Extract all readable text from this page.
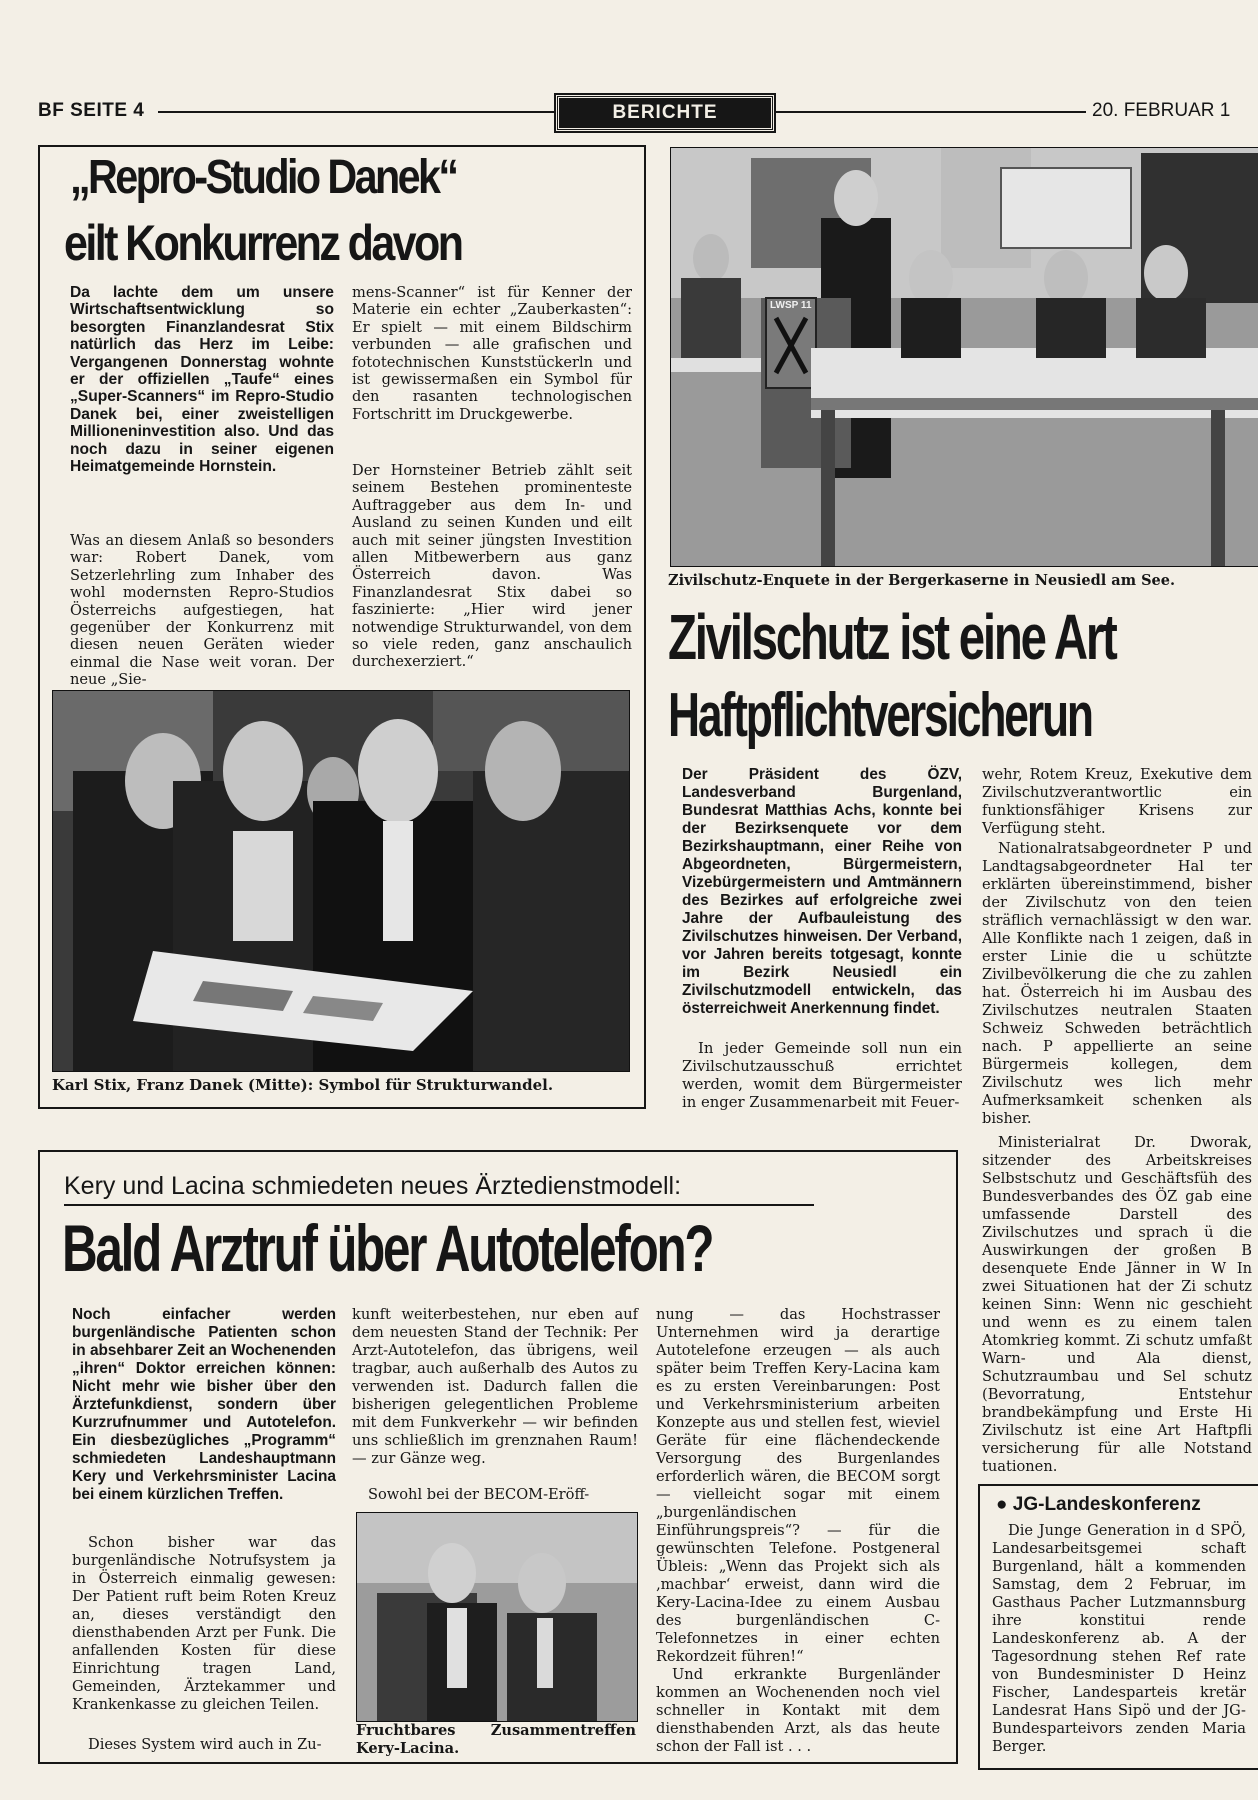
BF SEITE 4	BERICHTE	20. FEBRUAR 1
„Repro-Studio Danek“
eilt Konkurrenz davon
Da lachte dem um unsere Wirtschaftsentwicklung so besorgten Finanzlandesrat Stix natürlich das Herz im Leibe: Vergangenen Donnerstag wohnte er der offiziellen „Taufe“ eines „Super-Scanners“ im Repro-Studio Danek bei, einer zweistelligen Millioneninvestition also. Und das noch dazu in seiner eigenen Heimatgemeinde Hornstein.
Was an diesem Anlaß so besonders war: Robert Danek, vom Setzerlehrling zum Inhaber des wohl modernsten Repro-Studios Österreichs aufgestiegen, hat gegenüber der Konkurrenz mit diesen neuen Geräten wieder einmal die Nase weit voran. Der neue „Sie-
mens-Scanner“ ist für Kenner der Materie ein echter „Zauberkasten“: Er spielt — mit einem Bildschirm verbunden — alle grafischen und fototechnischen Kunststückerln und ist gewissermaßen ein Symbol für den rasanten technologischen Fortschritt im Druckgewerbe.
Der Hornsteiner Betrieb zählt seit seinem Bestehen prominenteste Auftraggeber aus dem In- und Ausland zu seinen Kunden und eilt auch mit seiner jüngsten Investition allen Mitbewerbern aus ganz Österreich davon. Was Finanzlandesrat Stix dabei so faszinierte: „Hier wird jener notwendige Strukturwandel, von dem so viele reden, ganz anschaulich durchexerziert.“
Karl Stix, Franz Danek (Mitte): Symbol für Strukturwandel.
LWSP 11
Zivilschutz-Enquete in der Bergerkaserne in Neusiedl am See.
Zivilschutz ist eine Art
Haftpflichtversicherun
Der Präsident des ÖZV, Landesverband Burgenland, Bundesrat Matthias Achs, konnte bei der Bezirksenquete vor dem Bezirkshauptmann, einer Reihe von Abgeordneten, Bürgermeistern, Vizebürgermeistern und Amtmännern des Bezirkes auf erfolgreiche zwei Jahre der Aufbauleistung des Zivilschutzes hinweisen. Der Verband, vor Jahren bereits totgesagt, konnte im Bezirk Neusiedl ein Zivilschutzmodell entwickeln, das österreichweit Anerkennung findet.
In jeder Gemeinde soll nun ein Zivilschutzausschuß errichtet werden, womit dem Bürgermeister in enger Zusammenarbeit mit Feuer-
wehr, Rotem Kreuz, Exekutive dem Zivilschutzverantwortlic ein funktionsfähiger Krisens zur Verfügung steht.
Nationalratsabgeordneter P und Landtagsabgeordneter Hal ter erklärten übereinstimmend, bisher der Zivilschutz von den teien sträflich vernachlässigt w den war. Alle Konflikte nach 1 zeigen, daß in erster Linie die u schützte Zivilbevölkerung die che zu zahlen hat. Österreich hi im Ausbau des Zivilschutzes neutralen Staaten Schweiz Schweden beträchtlich nach. P appellierte an seine Bürgermeis kollegen, dem Zivilschutz wes lich mehr Aufmerksamkeit schenken als bisher.
Ministerialrat Dr. Dworak, sitzender des Arbeitskreises Selbstschutz und Geschäftsfüh des Bundesverbandes des ÖZ gab eine umfassende Darstell des Zivilschutzes und sprach ü die Auswirkungen der großen B desenquete Ende Jänner in W In zwei Situationen hat der Zi schutz keinen Sinn: Wenn nic geschieht und wenn es zu einem talen Atomkrieg kommt. Zi schutz umfaßt Warn- und Ala dienst, Schutzraumbau und Sel schutz (Bevorratung, Entstehur brandbekämpfung und Erste Hi Zivilschutz ist eine Art Haftpfli versicherung für alle Notstand tuationen.
Kery und Lacina schmiedeten neues Ärztedienstmodell:
Bald Arztruf über Autotelefon?
Noch einfacher werden burgenländische Patienten schon in absehbarer Zeit an Wochenenden „ihren“ Doktor erreichen können: Nicht mehr wie bisher über den Ärztefunkdienst, sondern über Kurzrufnummer und Autotelefon. Ein diesbezügliches „Programm“ schmiedeten Landeshauptmann Kery und Verkehrsminister Lacina bei einem kürzlichen Treffen.
Schon bisher war das burgenländische Notrufsystem ja in Österreich einmalig gewesen: Der Patient ruft beim Roten Kreuz an, dieses verständigt den diensthabenden Arzt per Funk. Die anfallenden Kosten für diese Einrichtung tragen Land, Gemeinden, Ärztekammer und Krankenkasse zu gleichen Teilen.
Dieses System wird auch in Zu-
kunft weiterbestehen, nur eben auf dem neuesten Stand der Technik: Per Arzt-Autotelefon, das übrigens, weil tragbar, auch außerhalb des Autos zu verwenden ist. Dadurch fallen die bisherigen gelegentlichen Probleme mit dem Funkverkehr — wir befinden uns schließlich im grenznahen Raum! — zur Gänze weg.
Sowohl bei der BECOM-Eröff-
Fruchtbares Kery-Lacina.
Zusammentreffen
nung — das Hochstrasser Unternehmen wird ja derartige Autotelefone erzeugen — als auch später beim Treffen Kery-Lacina kam es zu ersten Vereinbarungen: Post und Verkehrsministerium arbeiten Konzepte aus und stellen fest, wieviel Geräte für eine flächendeckende Versorgung des Burgenlandes erforderlich wären, die BECOM sorgt — vielleicht sogar mit einem „burgenländischen Einführungspreis“? — für die gewünschten Telefone. Postgeneral Übleis: „Wenn das Projekt sich als ‚machbar‘ erweist, dann wird die Kery-Lacina-Idee zu einem Ausbau des burgenländischen C-Telefonnetzes in einer echten Rekordzeit führen!“
Und erkrankte Burgenländer kommen an Wochenenden noch viel schneller in Kontakt mit dem diensthabenden Arzt, als das heute schon der Fall ist . . .
● JG-Landeskonferenz
Die Junge Generation in d SPÖ, Landesarbeitsgemei schaft Burgenland, hält a kommenden Samstag, dem 2 Februar, im Gasthaus Pacher Lutzmannsburg ihre konstitui rende Landeskonferenz ab. A der Tagesordnung stehen Ref rate von Bundesminister D Heinz Fischer, Landesparteis kretär Landesrat Hans Sipö und der JG-Bundesparteivors zenden Maria Berger.
